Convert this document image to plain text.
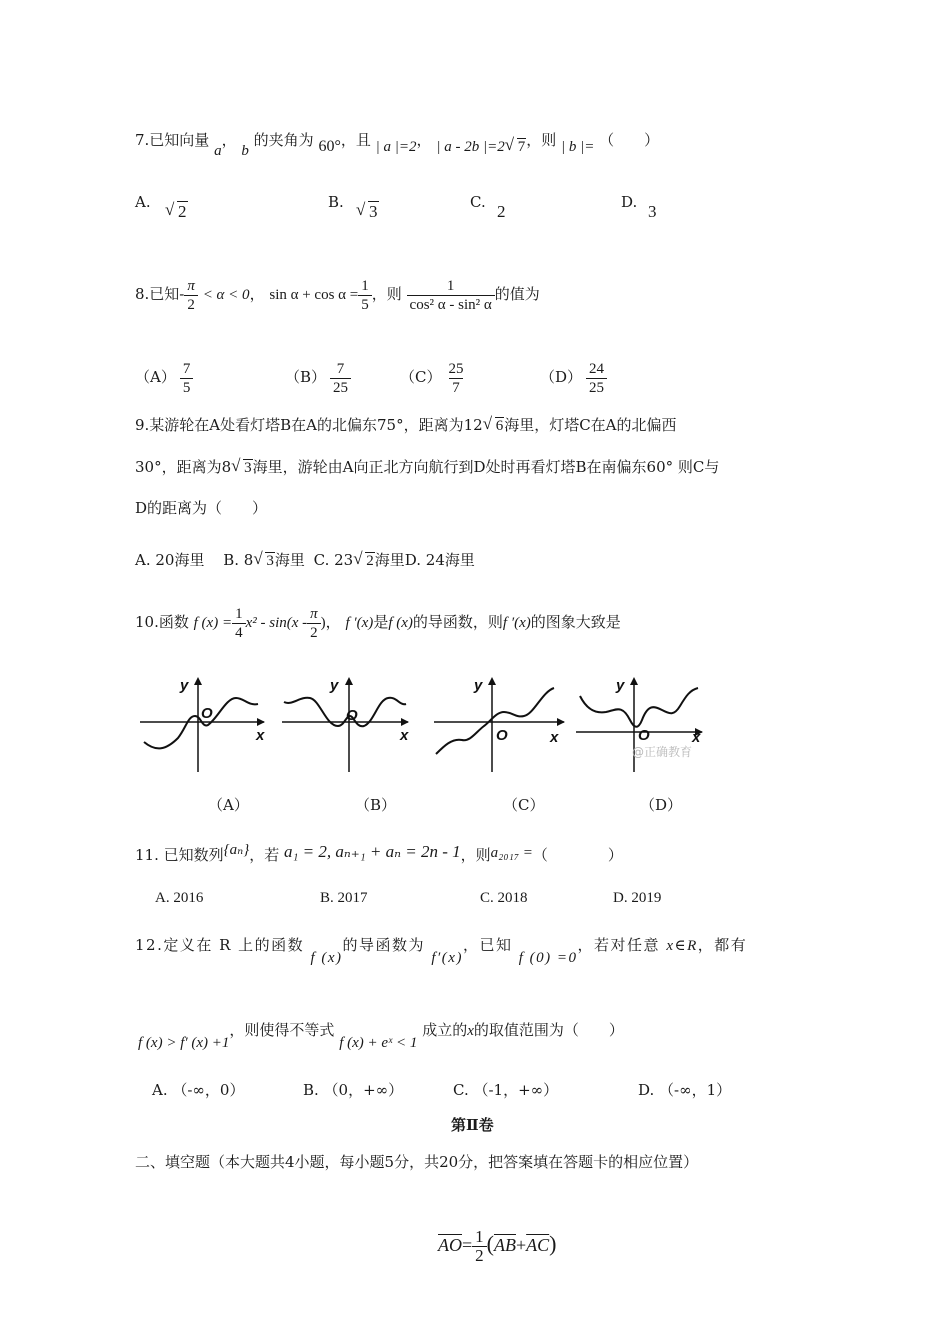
7.已知向量 a， b 的夹角为 60°，且 | a |=2， | a - 2b |=2 √ 7，则 | b |= （　　）
A.	√ 2	B.	√ 3	C. 2	D. 3
8.已知- $\frac{\pi}{2} < \alpha < 0$， $\sin \alpha + \cos \alpha = \frac{1}{5}$ ，则 $\frac{1}{\text{cos² α - sin² α}}$ 的值为
$(A) \frac{7}{5}$	$(B) \frac{7}{25}$	$(C) \frac{25}{7}$	$(D) \frac{24}{25}$
9.某游轮在A处看灯塔B在A的北偏东75°，距离为12 √ 6海里，灯塔C在A的北偏西
30°，距离为8 √ 3海里，游轮由A向正北方向航行到D处时再看灯塔B在南偏东60° 则C与
D的距离为（　　）
A. 20海里 B. 8 √ 3海里 C. 23 √ 2海里D. 24海里
10.函数 f $(x) = \frac{1}{4} x^2 - \sin(x - \frac{\pi}{2}$ )， f ′(x)是f (x)的导函数，则f ′(x)的图象大致是
y
x
O
y
x
O
y
x
O
y
x
O
@正确教育
（A）	（B）	（C）	（D）
11. 已知数列{aₙ}，若 a₁ = 2, aₙ₊₁ + aₙ = 2n - 1，则a₂₀₁₇ =（　　　　）
A. 2016	B. 2017	C. 2018	D. 2019
12.定义在 R 上的函数 f (x)的导函数为 f′(x)，已知 f (0) =0，若对任意 x∈R，都有
f (x) > f′ (x) +1，则使得不等式 f (x) + eˣ < 1 成立的x的取值范围为（　　）
A. （-∞，0）	B. （0，+∞）	C. （-1，+∞）	D. （-∞，1）
第Ⅱ卷
二、填空题（本大题共4小题，每小题5分，共20分，把答案填在答题卡的相应位置）
$\overline{AO}= \frac{1}{2} (\overline{AB}+\overline{AC})$
